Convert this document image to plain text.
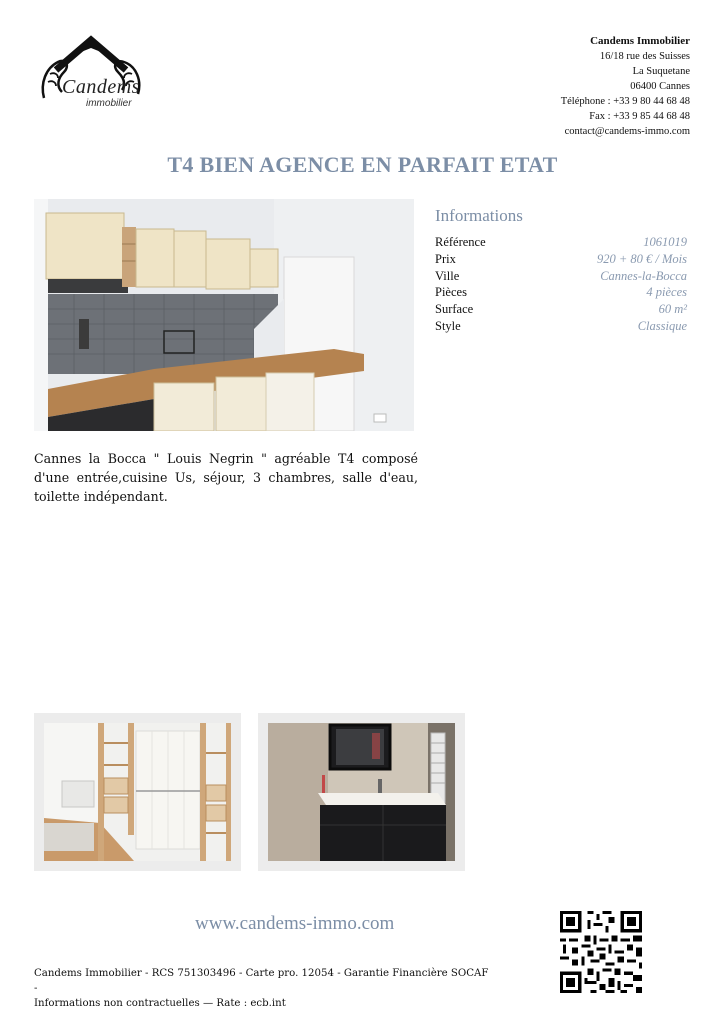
Candems
immobilier
Candems Immobilier
16/18 rue des Suisses
La Suquetane
06400 Cannes
Téléphone : +33 9 80 44 68 48
Fax : +33 9 85 44 68 48
contact@candems-immo.com
T4 BIEN AGENCE EN PARFAIT ETAT
Informations
Référence	1061019
Prix	920 + 80 € / Mois
Ville	Cannes-la-Bocca
Pièces	4 pièces
Surface	60 m²
Style	Classique

Cannes la Bocca " Louis Negrin " agréable T4 composé d'une entrée,cuisine Us, séjour, 3 chambres, salle d'eau, toilette indépendant.

www.candems-immo.com
Candems Immobilier - RCS 751303496 - Carte pro. 12054 - Garantie Financière SOCAF -
Informations non contractuelles — Rate : ecb.int
